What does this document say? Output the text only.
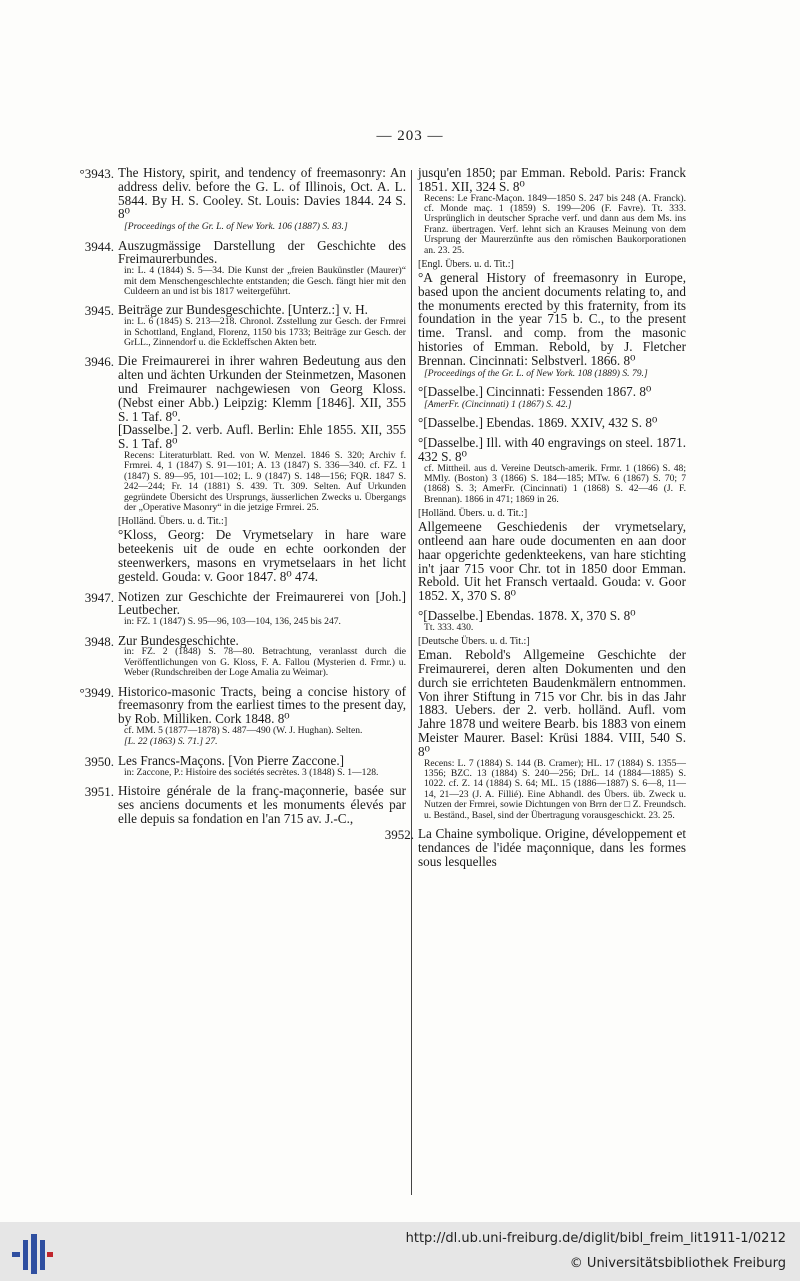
— 203 —
°3943. The History, spirit, and tendency of freemasonry: An address deliv. before the G. L. of Illinois, Oct. A. L. 5844. By H. S. Cooley. St. Louis: Davies 1844. 24 S. 8⁰

[Proceedings of the Gr. L. of New York. 106 (1887) S. 83.]

3944. Auszugmässige Darstellung der Geschichte des Freimaurerbundes.

in: L. 4 (1844) S. 5—34. Die Kunst der „freien Baukünstler (Maurer)“ mit dem Menschengeschlechte entstanden; die Gesch. fängt hier mit den Culdeern an und ist bis 1817 weitergeführt.

3945. Beiträge zur Bundesgeschichte. [Unterz.:] v. H.

in: L. 6 (1845) S. 213—218. Chronol. Zsstellung zur Gesch. der Frmrei in Schottland, England, Florenz, 1150 bis 1733; Beiträge zur Gesch. der GrLL., Zinnendorf u. die Eckleffschen Akten betr.

3946. Die Freimaurerei in ihrer wahren Bedeutung aus den alten und ächten Urkunden der Steinmetzen, Masonen und Freimaurer nachgewiesen von Georg Kloss. (Nebst einer Abb.) Leipzig: Klemm [1846]. XII, 355 S. 1 Taf. 8⁰.

[Dasselbe.] 2. verb. Aufl. Berlin: Ehle 1855. XII, 355 S. 1 Taf. 8⁰

Recens: Literaturblatt. Red. von W. Menzel. 1846 S. 320; Archiv f. Frmrei. 4, 1 (1847) S. 91—101; A. 13 (1847) S. 336—340. cf. FZ. 1 (1847) S. 89—95, 101—102; L. 9 (1847) S. 148—156; FQR. 1847 S. 242—244; Fr. 14 (1881) S. 439. Tt. 309. Selten. Auf Urkunden gegründete Übersicht des Ursprungs, äusserlichen Zwecks u. Übergangs der „Operative Masonry“ in die jetzige Frmrei. 25.

[Holländ. Übers. u. d. Tit.:]

°Kloss, Georg: De Vrymetselary in hare ware beteekenis uit de oude en echte oorkonden der steenwerkers, masons en vrymetselaars in het licht gesteld. Gouda: v. Goor 1847. 8⁰ 474.

3947. Notizen zur Geschichte der Freimaurerei von [Joh.] Leutbecher.

in: FZ. 1 (1847) S. 95—96, 103—104, 136, 245 bis 247.

3948. Zur Bundesgeschichte.

in: FZ. 2 (1848) S. 78—80. Betrachtung, veranlasst durch die Veröffentlichungen von G. Kloss, F. A. Fallou (Mysterien d. Frmr.) u. Weber (Rundschreiben der Loge Amalia zu Weimar).

°3949. Historico-masonic Tracts, being a concise history of freemasonry from the earliest times to the present day, by Rob. Milliken. Cork 1848. 8⁰

cf. MM. 5 (1877—1878) S. 487—490 (W. J. Hughan). Selten.

[L. 22 (1863) S. 71.] 27.

3950. Les Francs-Maçons. [Von Pierre Zaccone.]

in: Zaccone, P.: Histoire des sociétés secrètes. 3 (1848) S. 1—128.

3951. Histoire générale de la franç-maçonnerie, basée sur ses anciens documents et les monuments élevés par elle depuis sa fondation en l'an 715 av. J.-C.,

jusqu'en 1850; par Emman. Rebold. Paris: Franck 1851. XII, 324 S. 8⁰

Recens: Le Franc-Maçon. 1849—1850 S. 247 bis 248 (A. Franck). cf. Monde maç. 1 (1859) S. 199—206 (F. Favre). Tt. 333. Ursprünglich in deutscher Sprache verf. und dann aus dem Ms. ins Franz. übertragen. Verf. lehnt sich an Krauses Meinung von dem Ursprung der Maurerzünfte aus den römischen Baukorporationen an. 23. 25.

[Engl. Übers. u. d. Tit.:]

°A general History of freemasonry in Europe, based upon the ancient documents relating to, and the monuments erected by this fraternity, from its foundation in the year 715 b. C., to the present time. Transl. and comp. from the masonic histories of Emman. Rebold, by J. Fletcher Brennan. Cincinnati: Selbstverl. 1866. 8⁰

[Proceedings of the Gr. L. of New York. 108 (1889) S. 79.]

°[Dasselbe.] Cincinnati: Fessenden 1867. 8⁰

[AmerFr. (Cincinnati) 1 (1867) S. 42.]

°[Dasselbe.] Ebendas. 1869. XXIV, 432 S. 8⁰

°[Dasselbe.] Ill. with 40 engravings on steel. 1871. 432 S. 8⁰

cf. Mittheil. aus d. Vereine Deutsch-amerik. Frmr. 1 (1866) S. 48; MMly. (Boston) 3 (1866) S. 184—185; MTw. 6 (1867) S. 70; 7 (1868) S. 3; AmerFr. (Cincinnati) 1 (1868) S. 42—46 (J. F. Brennan). 1866 in 471; 1869 in 26.

[Holländ. Übers. u. d. Tit.:]

Allgemeene Geschiedenis der vrymetselary, ontleend aan hare oude documenten en aan door haar opgerichte gedenkteekens, van hare stichting in't jaar 715 voor Chr. tot in 1850 door Emman. Rebold. Uit het Fransch vertaald. Gouda: v. Goor 1852. X, 370 S. 8⁰

°[Dasselbe.] Ebendas. 1878. X, 370 S. 8⁰

Tt. 333. 430.

[Deutsche Übers. u. d. Tit.:]

Eman. Rebold's Allgemeine Geschichte der Freimaurerei, deren alten Dokumenten und den durch sie errichteten Baudenkmälern entnommen. Von ihrer Stiftung in 715 vor Chr. bis in das Jahr 1883. Uebers. der 2. verb. holländ. Aufl. vom Jahre 1878 und weitere Bearb. bis 1883 von einem Meister Maurer. Basel: Krüsi 1884. VIII, 540 S. 8⁰

Recens: L. 7 (1884) S. 144 (B. Cramer); HL. 17 (1884) S. 1355—1356; BZC. 13 (1884) S. 240—256; DrL. 14 (1884—1885) S. 1022. cf. Z. 14 (1884) S. 64; ML. 15 (1886—1887) S. 6—8, 11—14, 21—23 (J. A. Fillié). Eine Abhandl. des Übers. üb. Zweck u. Nutzen der Frmrei, sowie Dichtungen von Brrn der □ Z. Freundsch. u. Beständ., Basel, sind der Übertragung vorausgeschickt. 23. 25.

3952. La Chaine symbolique. Origine, développement et tendances de l'idée maçonnique, dans les formes sous lesquelles

http://dl.ub.uni-freiburg.de/diglit/bibl_freim_lit1911-1/0212
© Universitätsbibliothek Freiburg
